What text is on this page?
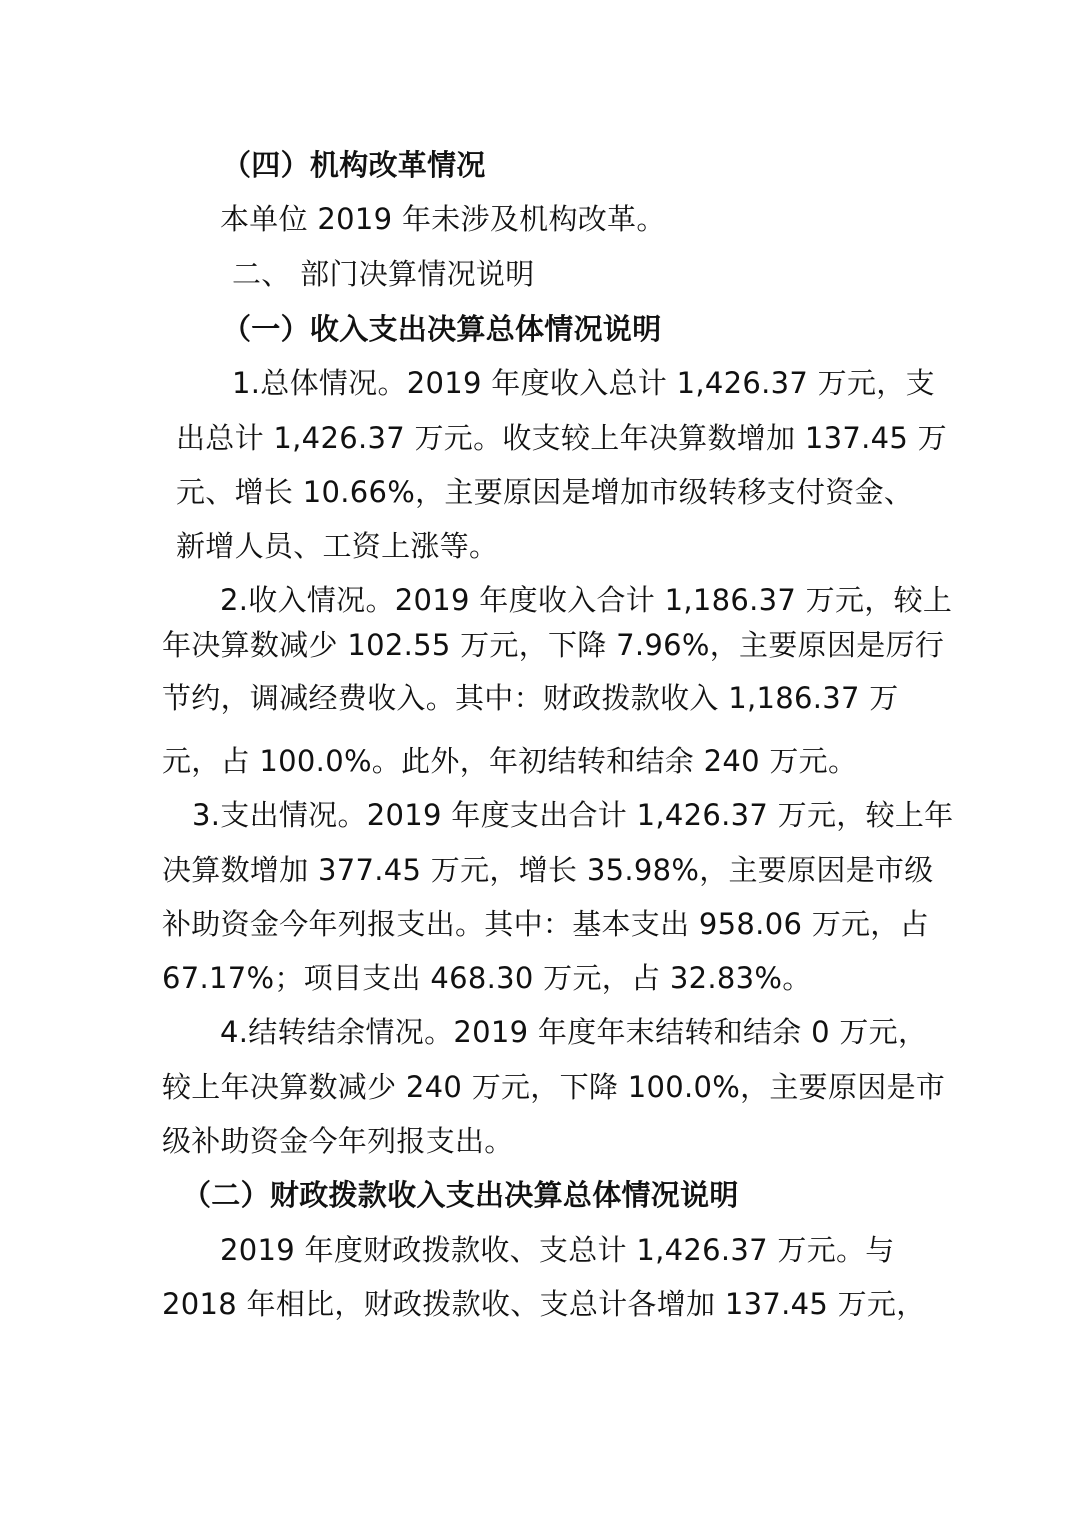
（四）机构改革情况

本单位 2019 年未涉及机构改革。

二、 部门决算情况说明

（一）收入支出决算总体情况说明

1.总体情况。2019 年度收入总计 1,426.37 万元，支

出总计 1,426.37 万元。收支较上年决算数增加 137.45 万

元、增长 10.66%，主要原因是增加市级转移支付资金、

新增人员、工资上涨等。

2.收入情况。2019 年度收入合计 1,186.37 万元，较上

年决算数减少 102.55 万元，下降 7.96%，主要原因是厉行

节约，调减经费收入。其中：财政拨款收入 1,186.37 万

元，占 100.0%。此外，年初结转和结余 240 万元。

3.支出情况。2019 年度支出合计 1,426.37 万元，较上年

决算数增加 377.45 万元，增长 35.98%，主要原因是市级

补助资金今年列报支出。其中：基本支出 958.06 万元，占

67.17%；项目支出 468.30 万元，占 32.83%。

4.结转结余情况。2019 年度年末结转和结余 0 万元，

较上年决算数减少 240 万元，下降 100.0%，主要原因是市

级补助资金今年列报支出。

（二）财政拨款收入支出决算总体情况说明

2019 年度财政拨款收、支总计 1,426.37 万元。与

2018 年相比，财政拨款收、支总计各增加 137.45 万元，
